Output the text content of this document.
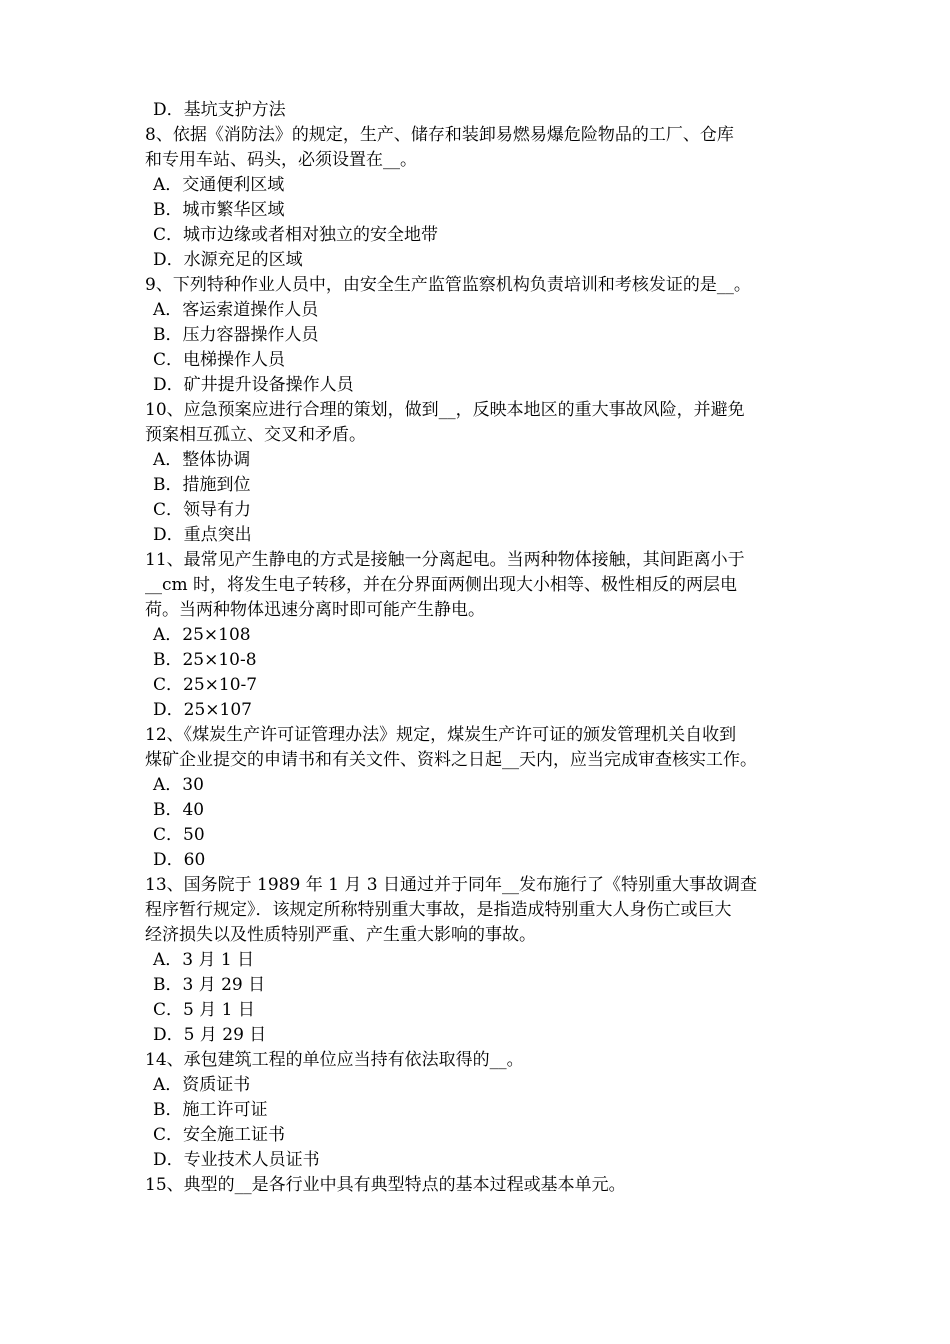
D．基坑支护方法
8、依据《消防法》的规定，生产、储存和装卸易燃易爆危险物品的工厂、仓库
和专用车站、码头，必须设置在__。
A．交通便利区域
B．城市繁华区域
C．城市边缘或者相对独立的安全地带
D．水源充足的区域
9、下列特种作业人员中，由安全生产监管监察机构负责培训和考核发证的是__。
A．客运索道操作人员
B．压力容器操作人员
C．电梯操作人员
D．矿井提升设备操作人员
10、应急预案应进行合理的策划，做到__，反映本地区的重大事故风险，并避免
预案相互孤立、交叉和矛盾。
A．整体协调
B．措施到位
C．领导有力
D．重点突出
11、最常见产生静电的方式是接触一分离起电。当两种物体接触，其间距离小于
__cm 时，将发生电子转移，并在分界面两侧出现大小相等、极性相反的两层电
荷。当两种物体迅速分离时即可能产生静电。
A．25×108
B．25×10-8
C．25×10-7
D．25×107
12、《煤炭生产许可证管理办法》规定，煤炭生产许可证的颁发管理机关自收到
煤矿企业提交的申请书和有关文件、资料之日起__天内，应当完成审查核实工作。
A．30
B．40
C．50
D．60
13、国务院于 1989 年 1 月 3 日通过并于同年__发布施行了《特别重大事故调查
程序暂行规定》．该规定所称特别重大事故，是指造成特别重大人身伤亡或巨大
经济损失以及性质特别严重、产生重大影响的事故。
A．3 月 1 日
B．3 月 29 日
C．5 月 1 日
D．5 月 29 日
14、承包建筑工程的单位应当持有依法取得的__。
A．资质证书
B．施工许可证
C．安全施工证书
D．专业技术人员证书
15、典型的__是各行业中具有典型特点的基本过程或基本单元。
